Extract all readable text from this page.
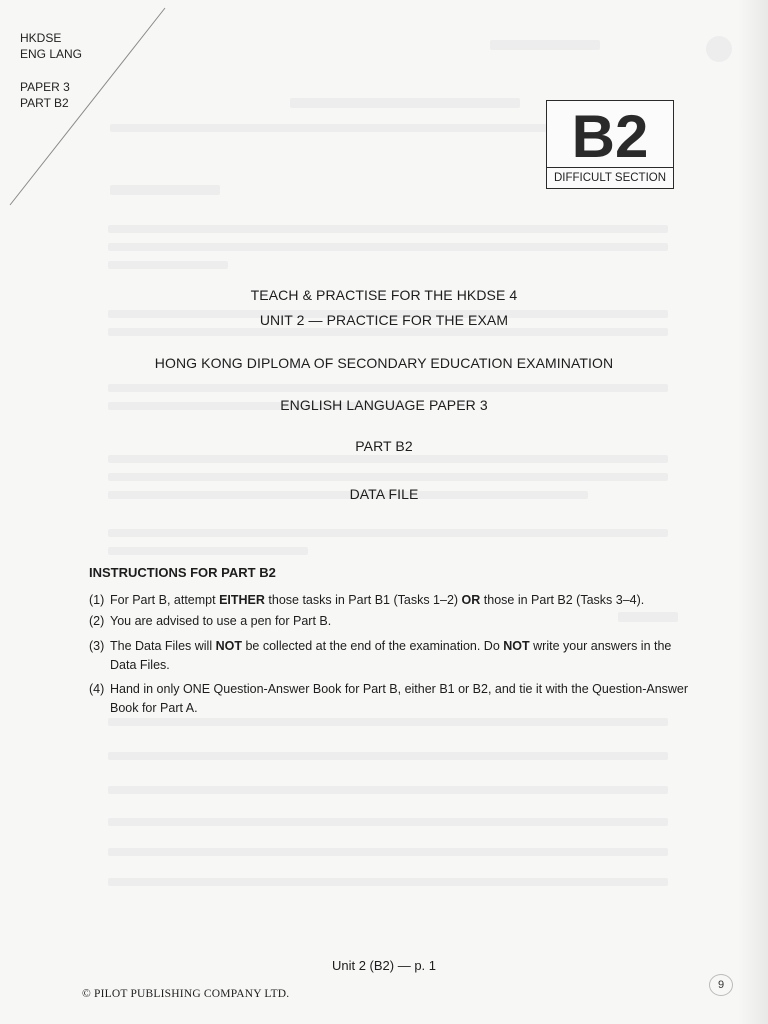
HKDSE
ENG LANG
PAPER 3
PART B2	B2
DIFFICULT SECTION
TEACH & PRACTISE FOR THE HKDSE 4
UNIT 2 — PRACTICE FOR THE EXAM
HONG KONG DIPLOMA OF SECONDARY EDUCATION EXAMINATION
ENGLISH LANGUAGE PAPER 3
PART B2
DATA FILE
INSTRUCTIONS FOR PART B2
(1) For Part B, attempt EITHER those tasks in Part B1 (Tasks 1–2) OR those in Part B2 (Tasks 3–4).
(2) You are advised to use a pen for Part B.
(3) The Data Files will NOT be collected at the end of the examination. Do NOT write your answers in the Data Files.
(4) Hand in only ONE Question-Answer Book for Part B, either B1 or B2, and tie it with the Question-Answer Book for Part A.
Unit 2 (B2) — p. 1
© PILOT PUBLISHING COMPANY LTD.
9
